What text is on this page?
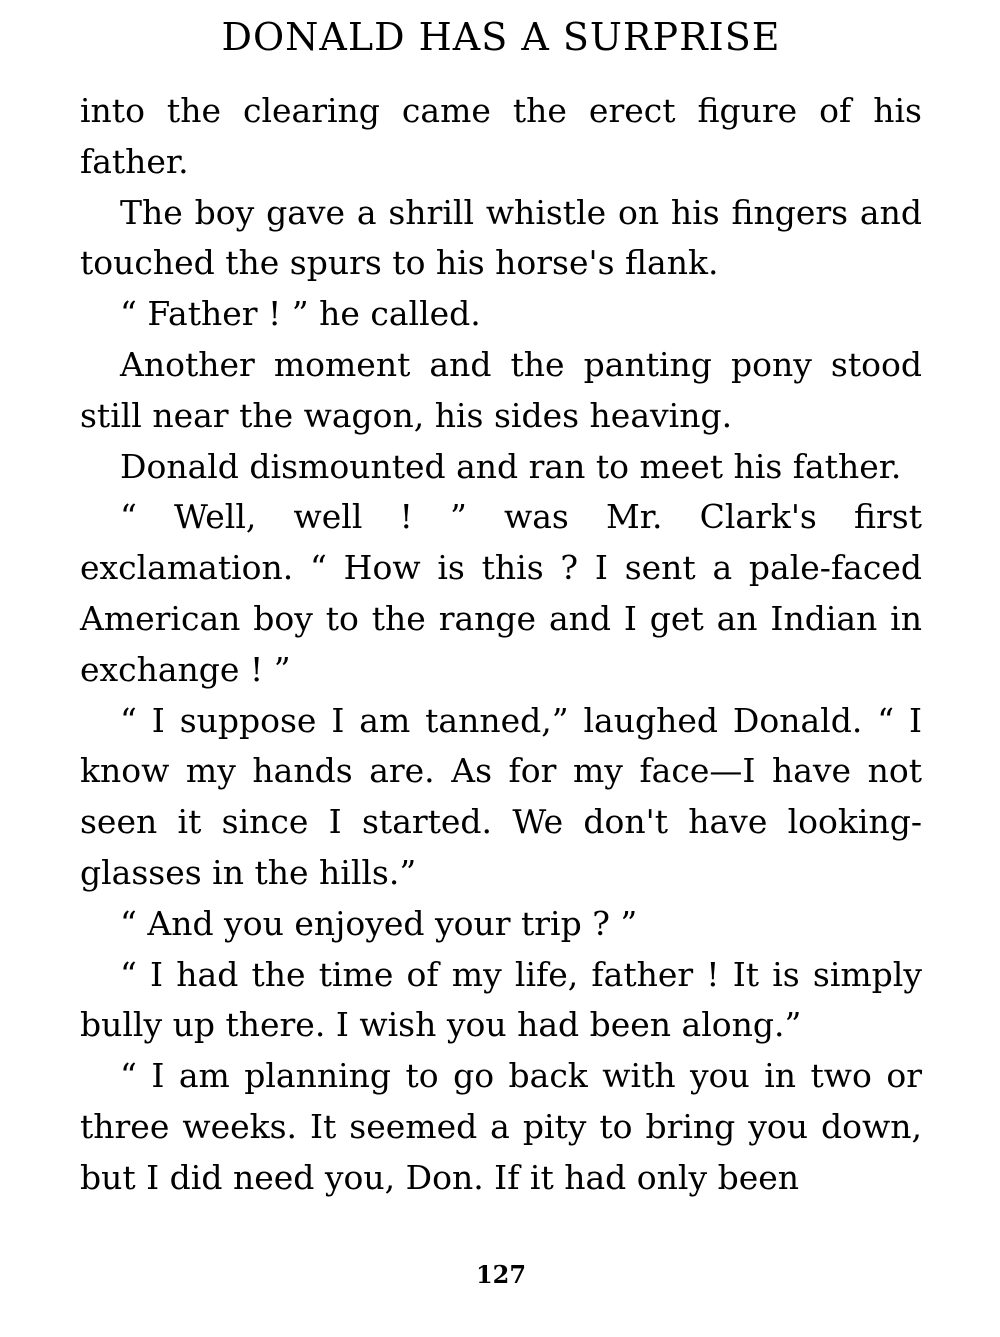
DONALD HAS A SURPRISE

into the clearing came the erect figure of his father.

The boy gave a shrill whistle on his fingers and touched the spurs to his horse's flank.

“ Father ! ” he called.

Another moment and the panting pony stood still near the wagon, his sides heaving.

Donald dismounted and ran to meet his father.

“ Well, well ! ” was Mr. Clark's first exclamation. “ How is this ? I sent a pale-faced American boy to the range and I get an Indian in exchange ! ”

“ I suppose I am tanned,” laughed Donald. “ I know my hands are. As for my face—I have not seen it since I started. We don't have looking-glasses in the hills.”

“ And you enjoyed your trip ? ”

“ I had the time of my life, father ! It is simply bully up there. I wish you had been along.”

“ I am planning to go back with you in two or three weeks. It seemed a pity to bring you down, but I did need you, Don. If it had only been

127
